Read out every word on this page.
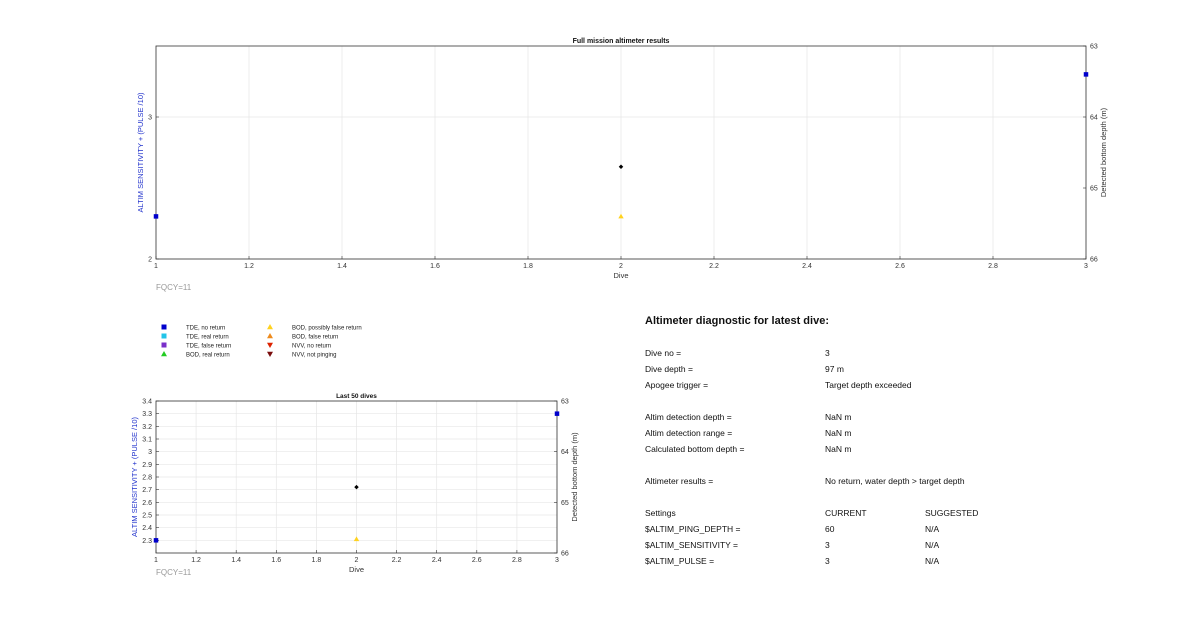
1	1.2	1.4	1.6	1.8	2	2.2	2.4	2.6	2.8	3
2
3
63
64
65
66
Full mission altimeter results
Dive
ALTIM SENSITIVITY + (PULSE /10)	Detected bottom depth (m)
FQCY=11
1	1.2	1.4	1.6	1.8	2	2.2	2.4	2.6	2.8	3
2.3
2.4
2.5
2.6
2.7
2.8
2.9
3
3.1
3.2
3.3
3.4	63
64
65
66
Last 50 dives
Dive
ALTIM SENSITIVITY + (PULSE /10)	Detected bottom depth (m)
FQCY=11
TDE, no return
TDE, real return
TDE, false return
BOD, real return
BOD, possibly false return
BOD, false return
NVV, no return
NVV, not pinging
Altimeter diagnostic for latest dive:
Dive no =	3
Dive depth =	97 m
Apogee trigger =	Target depth exceeded
Altim detection depth =	NaN m
Altim detection range =	NaN m
Calculated bottom depth =	NaN m
Altimeter results =	No return, water depth > target depth
Settings	CURRENT	SUGGESTED
$ALTIM_PING_DEPTH =	60	N/A
$ALTIM_SENSITIVITY =	3	N/A
$ALTIM_PULSE =	3	N/A
